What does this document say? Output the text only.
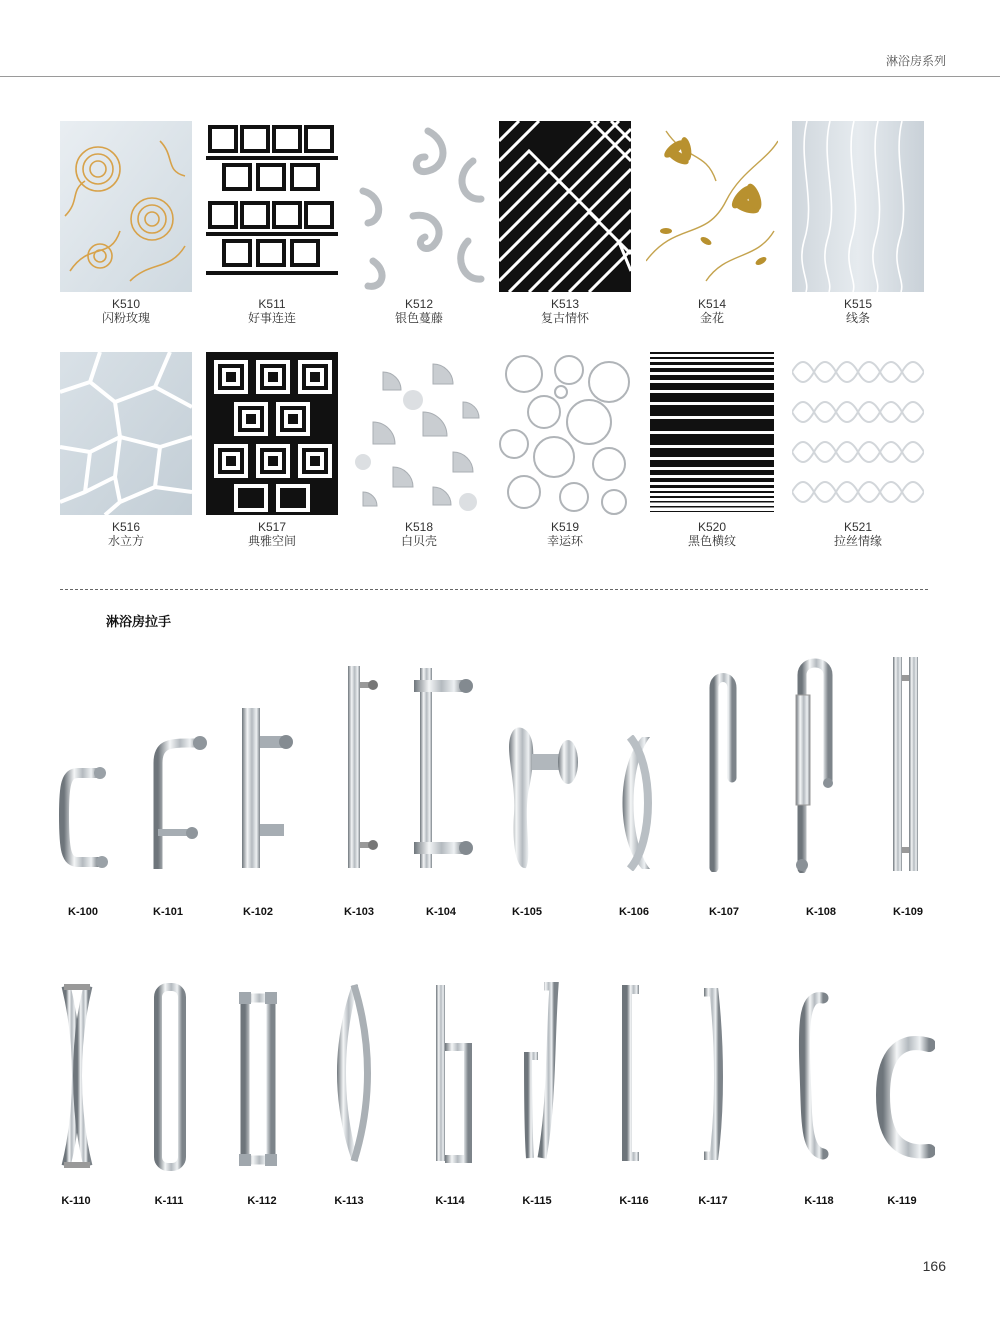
淋浴房系列
K510
闪粉玫瑰
K511
好事连连
K512
银色蔓藤
K513
复古情怀
K514
金花
K515
线条
K516
水立方
K517
典雅空间
K518
白贝壳
K519
幸运环
K520
黑色横纹
K521
拉丝情缘
淋浴房拉手
K-100	K-101	K-102	K-103	K-104	K-105	K-106	K-107	K-108	K-109
K-110	K-111	K-112	K-113	K-114	K-115	K-116	K-117	K-118	K-119
166
